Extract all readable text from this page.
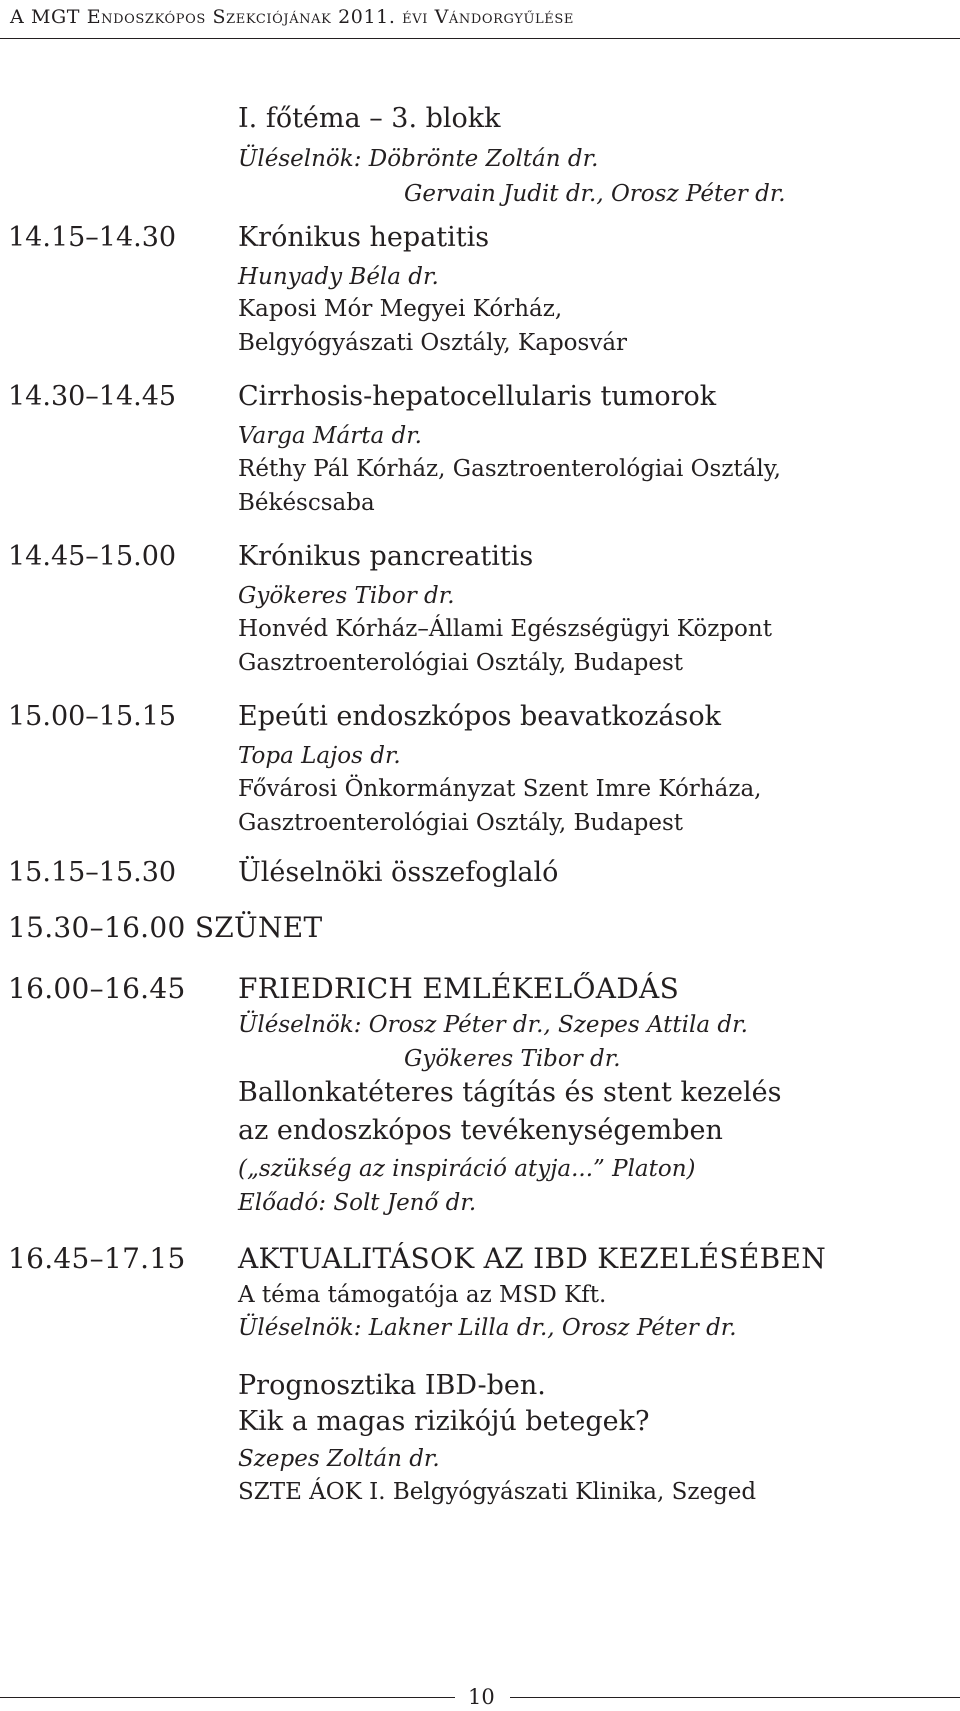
A MGT Endoszkópos Szekciójának 2011. évi Vándorgyűlése
I. főtéma – 3. blokk
Üléselnök: Döbrönte Zoltán dr.
Gervain Judit dr., Orosz Péter dr.
14.15–14.30 Krónikus hepatitis
Hunyady Béla dr.
Kaposi Mór Megyei Kórház,
Belgyógyászati Osztály, Kaposvár
14.30–14.45 Cirrhosis-hepatocellularis tumorok
Varga Márta dr.
Réthy Pál Kórház, Gasztroenterológiai Osztály,
Békéscsaba
14.45–15.00 Krónikus pancreatitis
Gyökeres Tibor dr.
Honvéd Kórház–Állami Egészségügyi Központ
Gasztroenterológiai Osztály, Budapest
15.00–15.15 Epeúti endoszkópos beavatkozások
Topa Lajos dr.
Fővárosi Önkormányzat Szent Imre Kórháza,
Gasztroenterológiai Osztály, Budapest
15.15–15.30 Üléselnöki összefoglaló
15.30–16.00 SZÜNET
16.00–16.45 FRIEDRICH EMLÉKELŐADÁS
Üléselnök: Orosz Péter dr., Szepes Attila dr.
Gyökeres Tibor dr.
Ballonkatéteres tágítás és stent kezelés
az endoszkópos tevékenységemben
(„szükség az inspiráció atyja...” Platon)
Előadó: Solt Jenő dr.
16.45–17.15 AKTUALITÁSOK AZ IBD KEZELÉSÉBEN
A téma támogatója az MSD Kft.
Üléselnök: Lakner Lilla dr., Orosz Péter dr.
Prognosztika IBD-ben.
Kik a magas rizikójú betegek?
Szepes Zoltán dr.
SZTE ÁOK I. Belgyógyászati Klinika, Szeged
10
